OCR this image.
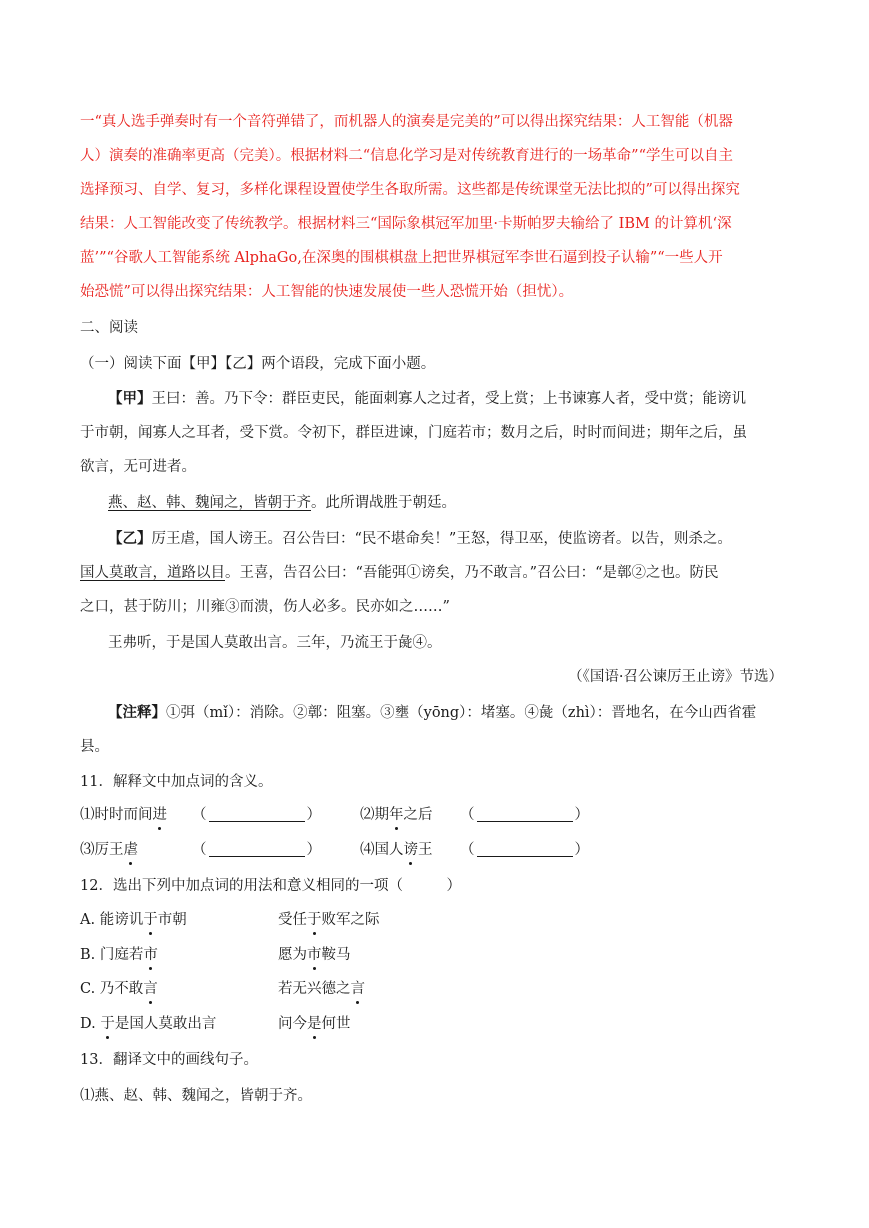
一“真人选手弹奏时有一个音符弹错了，而机器人的演奏是完美的”可以得出探究结果：人工智能（机器
人）演奏的准确率更高（完美）。根据材料二“信息化学习是对传统教育进行的一场革命”“学生可以自主
选择预习、自学、复习，多样化课程设置使学生各取所需。这些都是传统课堂无法比拟的”可以得出探究
结果：人工智能改变了传统教学。根据材料三“国际象棋冠军加里·卡斯帕罗夫输给了 IBM 的计算机‘深
蓝’”“谷歌人工智能系统 AlphaGo,在深奥的围棋棋盘上把世界棋冠军李世石逼到投子认输”“一些人开
始恐慌”可以得出探究结果：人工智能的快速发展使一些人恐慌开始（担忧）。
二、阅读
（一）阅读下面【甲】【乙】两个语段，完成下面小题。
【甲】王曰：善。乃下令：群臣吏民，能面刺寡人之过者，受上赏；上书谏寡人者，受中赏；能谤讥
于市朝，闻寡人之耳者，受下赏。令初下，群臣进谏，门庭若市；数月之后，时时而间进；期年之后，虽
欲言，无可进者。
燕、赵、韩、魏闻之，皆朝于齐。此所谓战胜于朝廷。
【乙】厉王虐，国人谤王。召公告曰：“民不堪命矣！”王怒，得卫巫，使监谤者。以告，则杀之。
国人莫敢言，道路以目。王喜，告召公曰：“吾能弭①谤矣，乃不敢言。”召公曰：“是鄣②之也。防民
之口，甚于防川；川雍③而溃，伤人必多。民亦如之……”
王弗听，于是国人莫敢出言。三年，乃流王于彘④。
（《国语·召公谏厉王止谤》节选）
【注释】①弭（mǐ）：消除。②鄣：阻塞。③壅（yōng）：堵塞。④彘（zhì）：晋地名，在今山西省霍
县。
11．解释文中加点词的含义。
⑴时时而间进 （	）	⑵期年之后 （	）
⑶厉王虐	（	）	⑷国人谤王 （	）
12．选出下列中加点词的用法和意义相同的一项（　　　）
A. 能谤讥于市朝	受任于败军之际
B. 门庭若市	愿为市鞍马
C. 乃不敢言	若无兴德之言
D. 于是国人莫敢出言	问今是何世
13．翻译文中的画线句子。
⑴燕、赵、韩、魏闻之，皆朝于齐。
